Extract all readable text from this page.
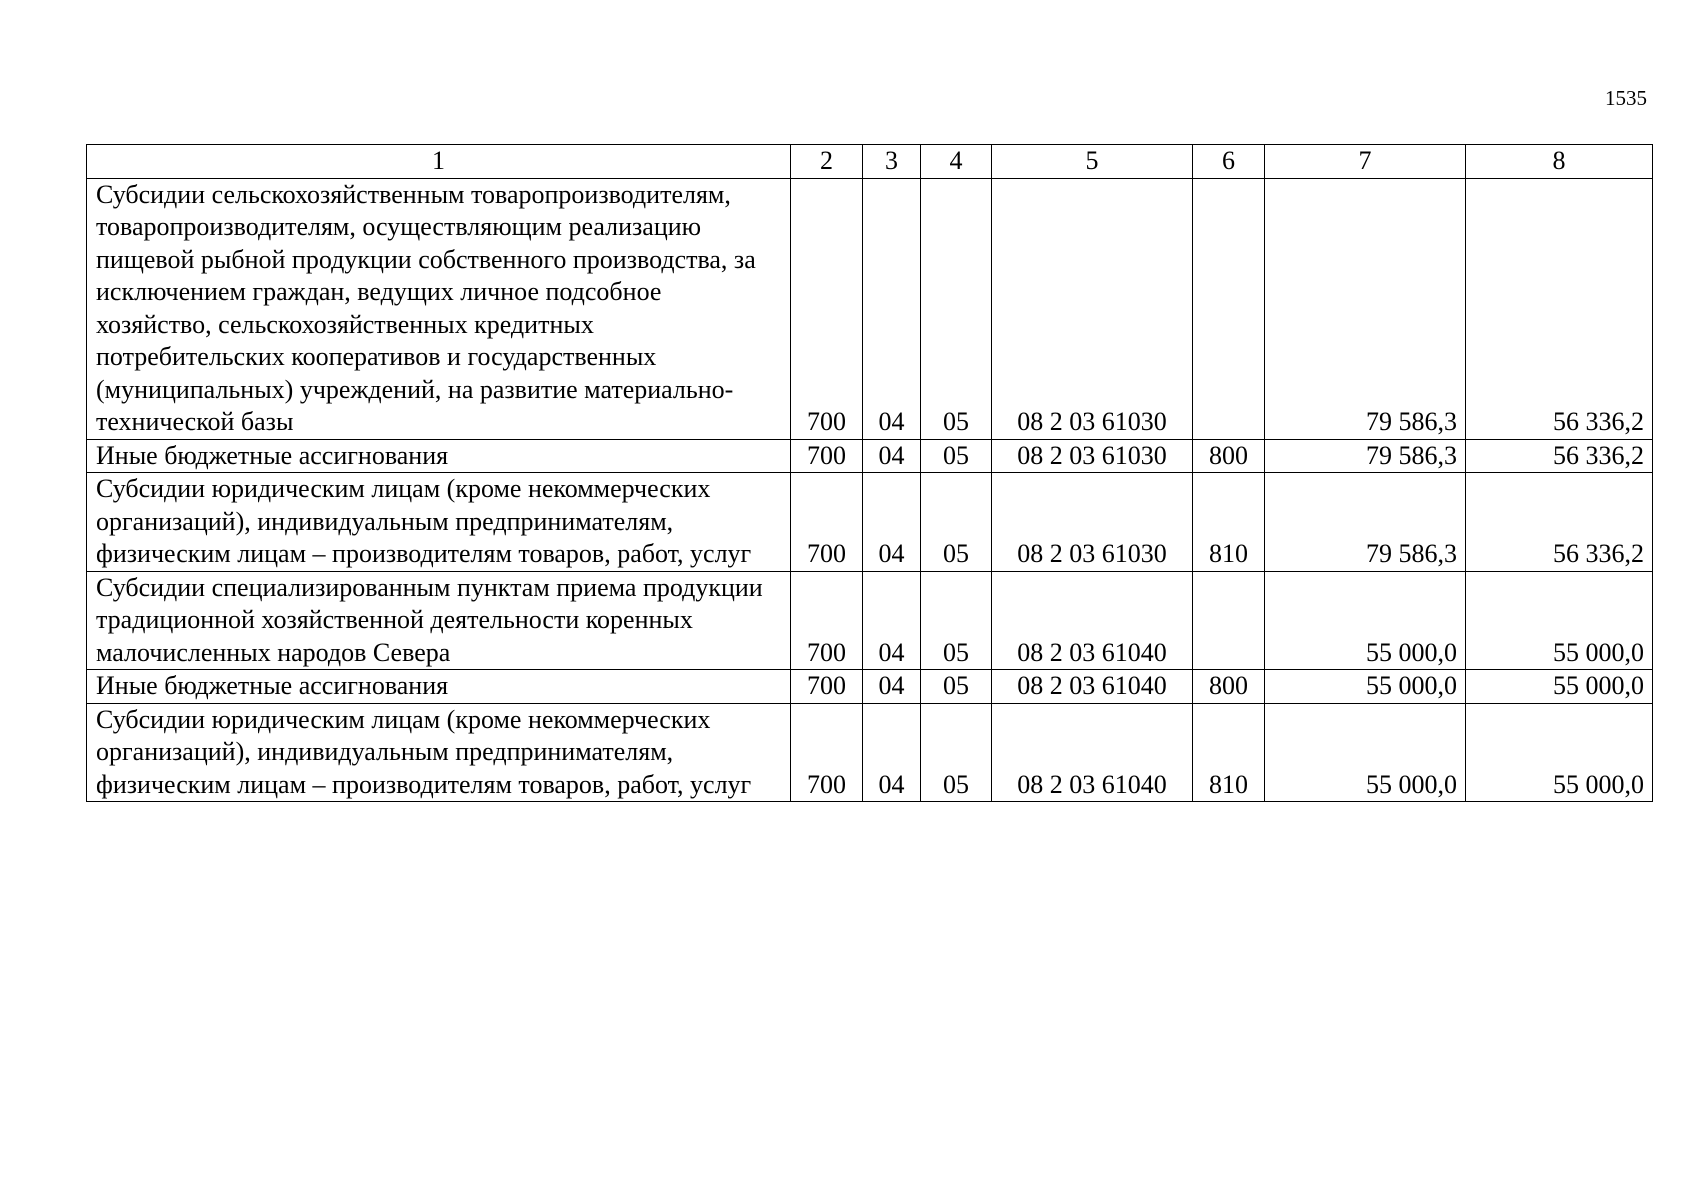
1535
1	2	3	4	5	6	7	8
Субсидии сельскохозяйственным товаропроизводителям, товаропроизводителям, осуществляющим реализацию пищевой рыбной продукции собственного производства, за исключением граждан, ведущих личное подсобное хозяйство, сельскохозяйственных кредитных потребительских кооперативов и государственных (муниципальных) учреждений, на развитие материально-технической базы	700	04	05	08 2 03 61030		79 586,3	56 336,2
Иные бюджетные ассигнования	700	04	05	08 2 03 61030	800	79 586,3	56 336,2
Субсидии юридическим лицам (кроме некоммерческих организаций), индивидуальным предпринимателям, физическим лицам – производителям товаров, работ, услуг	700	04	05	08 2 03 61030	810	79 586,3	56 336,2
Субсидии специализированным пунктам приема продукции традиционной хозяйственной деятельности коренных малочисленных народов Севера	700	04	05	08 2 03 61040		55 000,0	55 000,0
Иные бюджетные ассигнования	700	04	05	08 2 03 61040	800	55 000,0	55 000,0
Субсидии юридическим лицам (кроме некоммерческих организаций), индивидуальным предпринимателям, физическим лицам – производителям товаров, работ, услуг	700	04	05	08 2 03 61040	810	55 000,0	55 000,0
